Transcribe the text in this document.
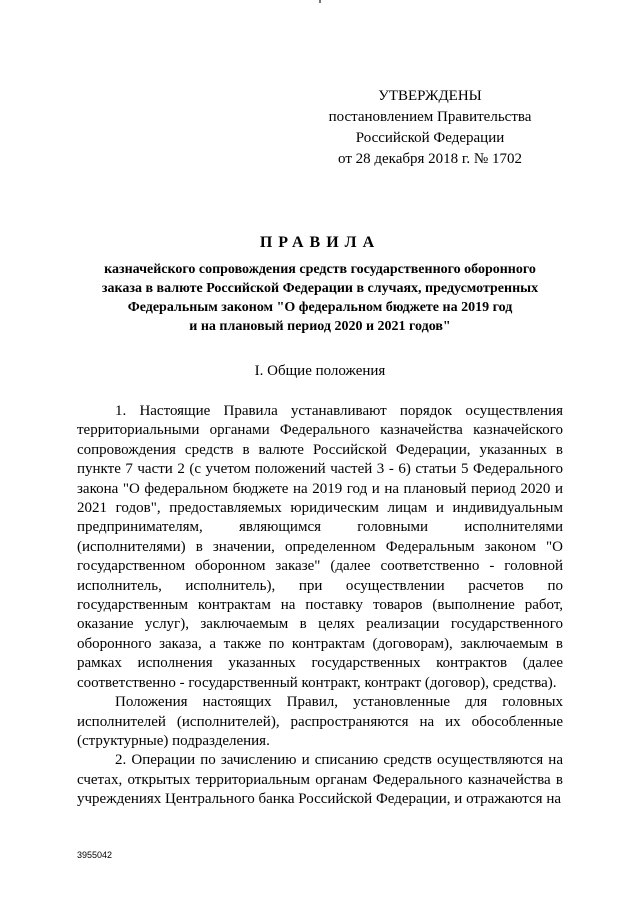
УТВЕРЖДЕНЫ
постановлением Правительства
Российской Федерации
от 28 декабря 2018 г. № 1702
ПРАВИЛА
казначейского сопровождения средств государственного оборонного
заказа в валюте Российской Федерации в случаях, предусмотренных
Федеральным законом "О федеральном бюджете на 2019 год
и на плановый период 2020 и 2021 годов"
I. Общие положения

1. Настоящие Правила устанавливают порядок осуществления территориальными органами Федерального казначейства казначейского сопровождения средств в валюте Российской Федерации, указанных в пункте 7 части 2 (с учетом положений частей 3 - 6) статьи 5 Федерального закона "О федеральном бюджете на 2019 год и на плановый период 2020 и 2021 годов", предоставляемых юридическим лицам и индивидуальным предпринимателям, являющимся головными исполнителями (исполнителями) в значении, определенном Федеральным законом "О государственном оборонном заказе" (далее соответственно - головной исполнитель, исполнитель), при осуществлении расчетов по государственным контрактам на поставку товаров (выполнение работ, оказание услуг), заключаемым в целях реализации государственного оборонного заказа, а также по контрактам (договорам), заключаемым в рамках исполнения указанных государственных контрактов (далее соответственно - государственный контракт, контракт (договор), средства).

Положения настоящих Правил, установленные для головных исполнителей (исполнителей), распространяются на их обособленные (структурные) подразделения.

2. Операции по зачислению и списанию средств осуществляются на счетах, открытых территориальным органам Федерального казначейства в учреждениях Центрального банка Российской Федерации, и отражаются на

3955042
